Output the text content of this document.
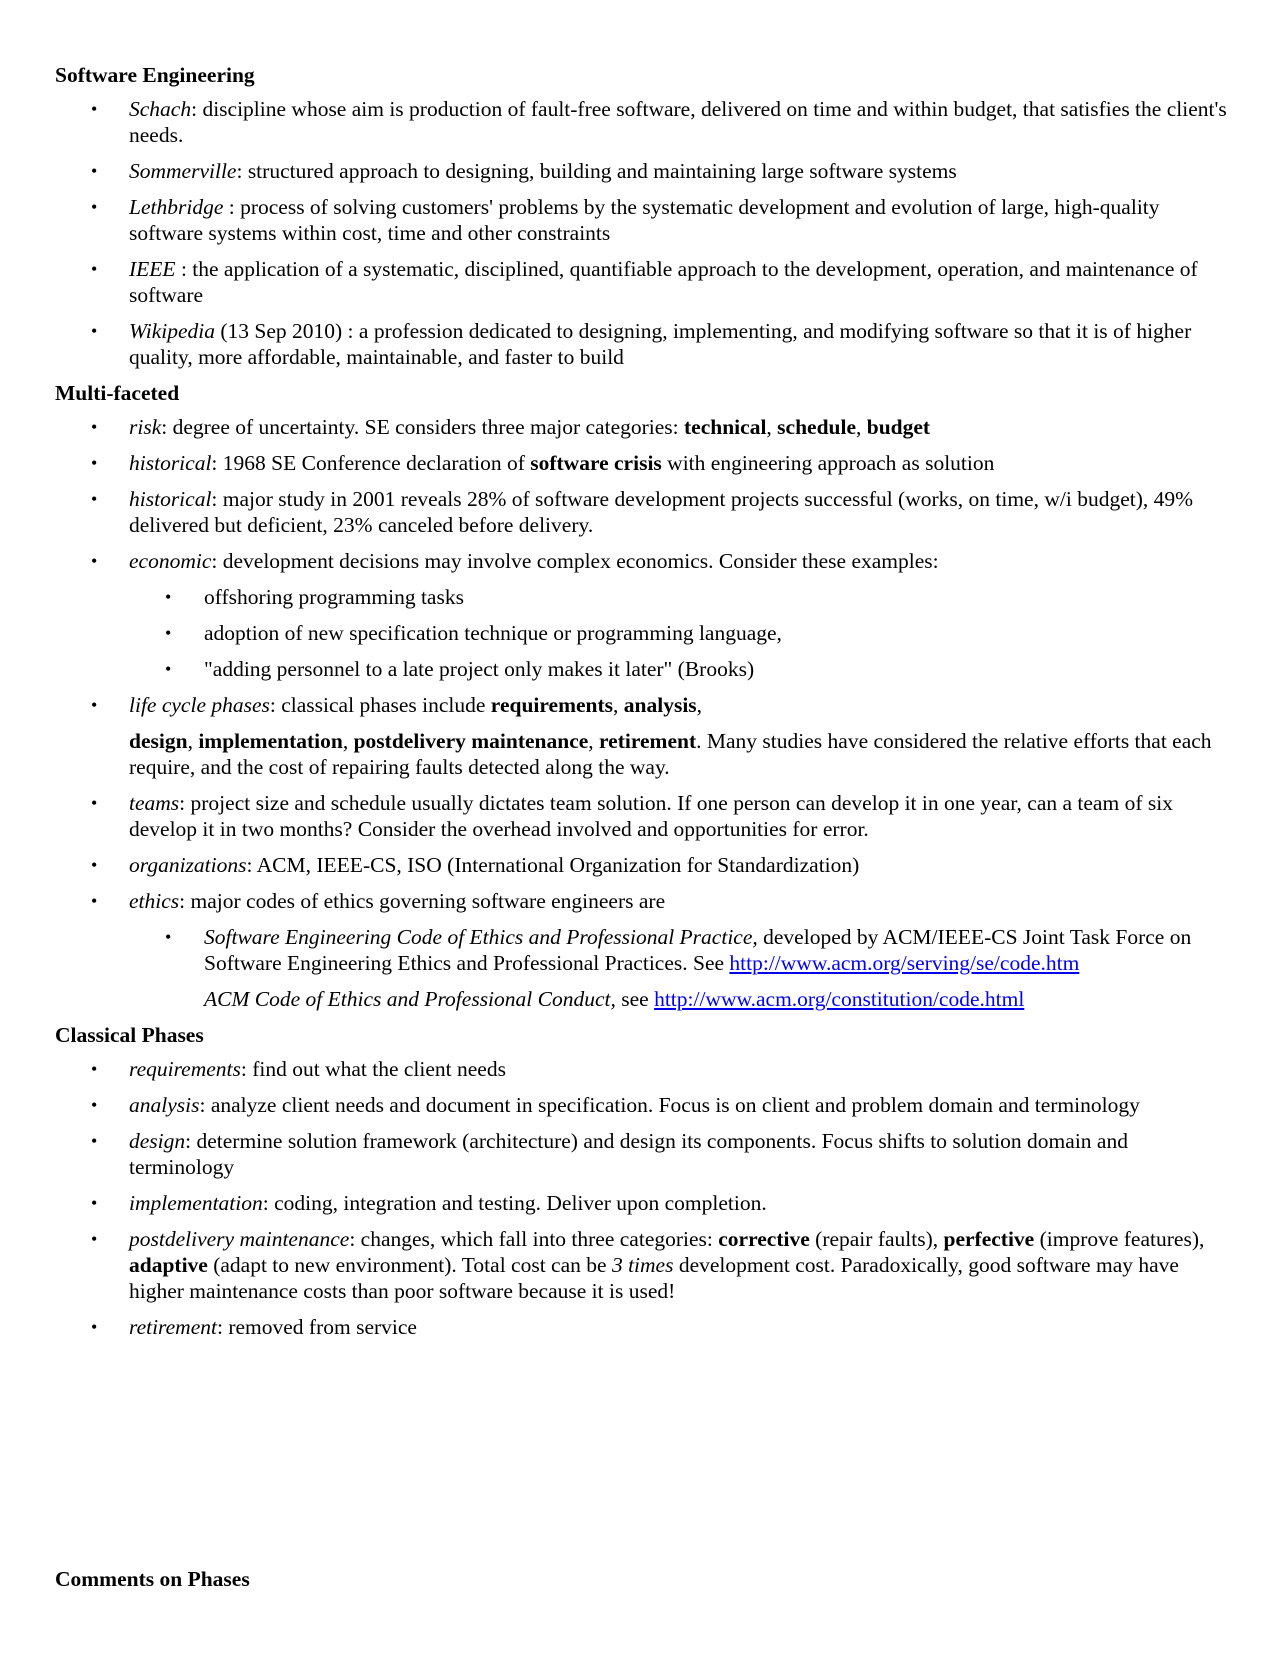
Software Engineering

• Schach: discipline whose aim is production of fault-free software, delivered on time and within budget, that satisfies the client's needs.
• Sommerville: structured approach to designing, building and maintaining large software systems
• Lethbridge : process of solving customers' problems by the systematic development and evolution of large, high-quality software systems within cost, time and other constraints
• IEEE : the application of a systematic, disciplined, quantifiable approach to the development, operation, and maintenance of software
• Wikipedia (13 Sep 2010) : a profession dedicated to designing, implementing, and modifying software so that it is of higher quality, more affordable, maintainable, and faster to build

Multi-faceted

• risk: degree of uncertainty. SE considers three major categories: technical, schedule, budget
• historical: 1968 SE Conference declaration of software crisis with engineering approach as solution
• historical: major study in 2001 reveals 28% of software development projects successful (works, on time, w/i budget), 49% delivered but deficient, 23% canceled before delivery.
• economic: development decisions may involve complex economics. Consider these examples:
• offshoring programming tasks
• adoption of new specification technique or programming language,
• "adding personnel to a late project only makes it later" (Brooks)
• life cycle phases: classical phases include requirements, analysis,
design, implementation, postdelivery maintenance, retirement. Many studies have considered the relative efforts that each require, and the cost of repairing faults detected along the way.
• teams: project size and schedule usually dictates team solution. If one person can develop it in one year, can a team of six develop it in two months? Consider the overhead involved and opportunities for error.
• organizations: ACM, IEEE-CS, ISO (International Organization for Standardization)
• ethics: major codes of ethics governing software engineers are
• Software Engineering Code of Ethics and Professional Practice, developed by ACM/IEEE-CS Joint Task Force on Software Engineering Ethics and Professional Practices. See http://www.acm.org/serving/se/code.htm
ACM Code of Ethics and Professional Conduct, see http://www.acm.org/constitution/code.html

Classical Phases

• requirements: find out what the client needs
• analysis: analyze client needs and document in specification. Focus is on client and problem domain and terminology
• design: determine solution framework (architecture) and design its components. Focus shifts to solution domain and terminology
• implementation: coding, integration and testing. Deliver upon completion.
• postdelivery maintenance: changes, which fall into three categories: corrective (repair faults), perfective (improve features), adaptive (adapt to new environment). Total cost can be 3 times development cost. Paradoxically, good software may have higher maintenance costs than poor software because it is used!
• retirement: removed from service

Comments on Phases
